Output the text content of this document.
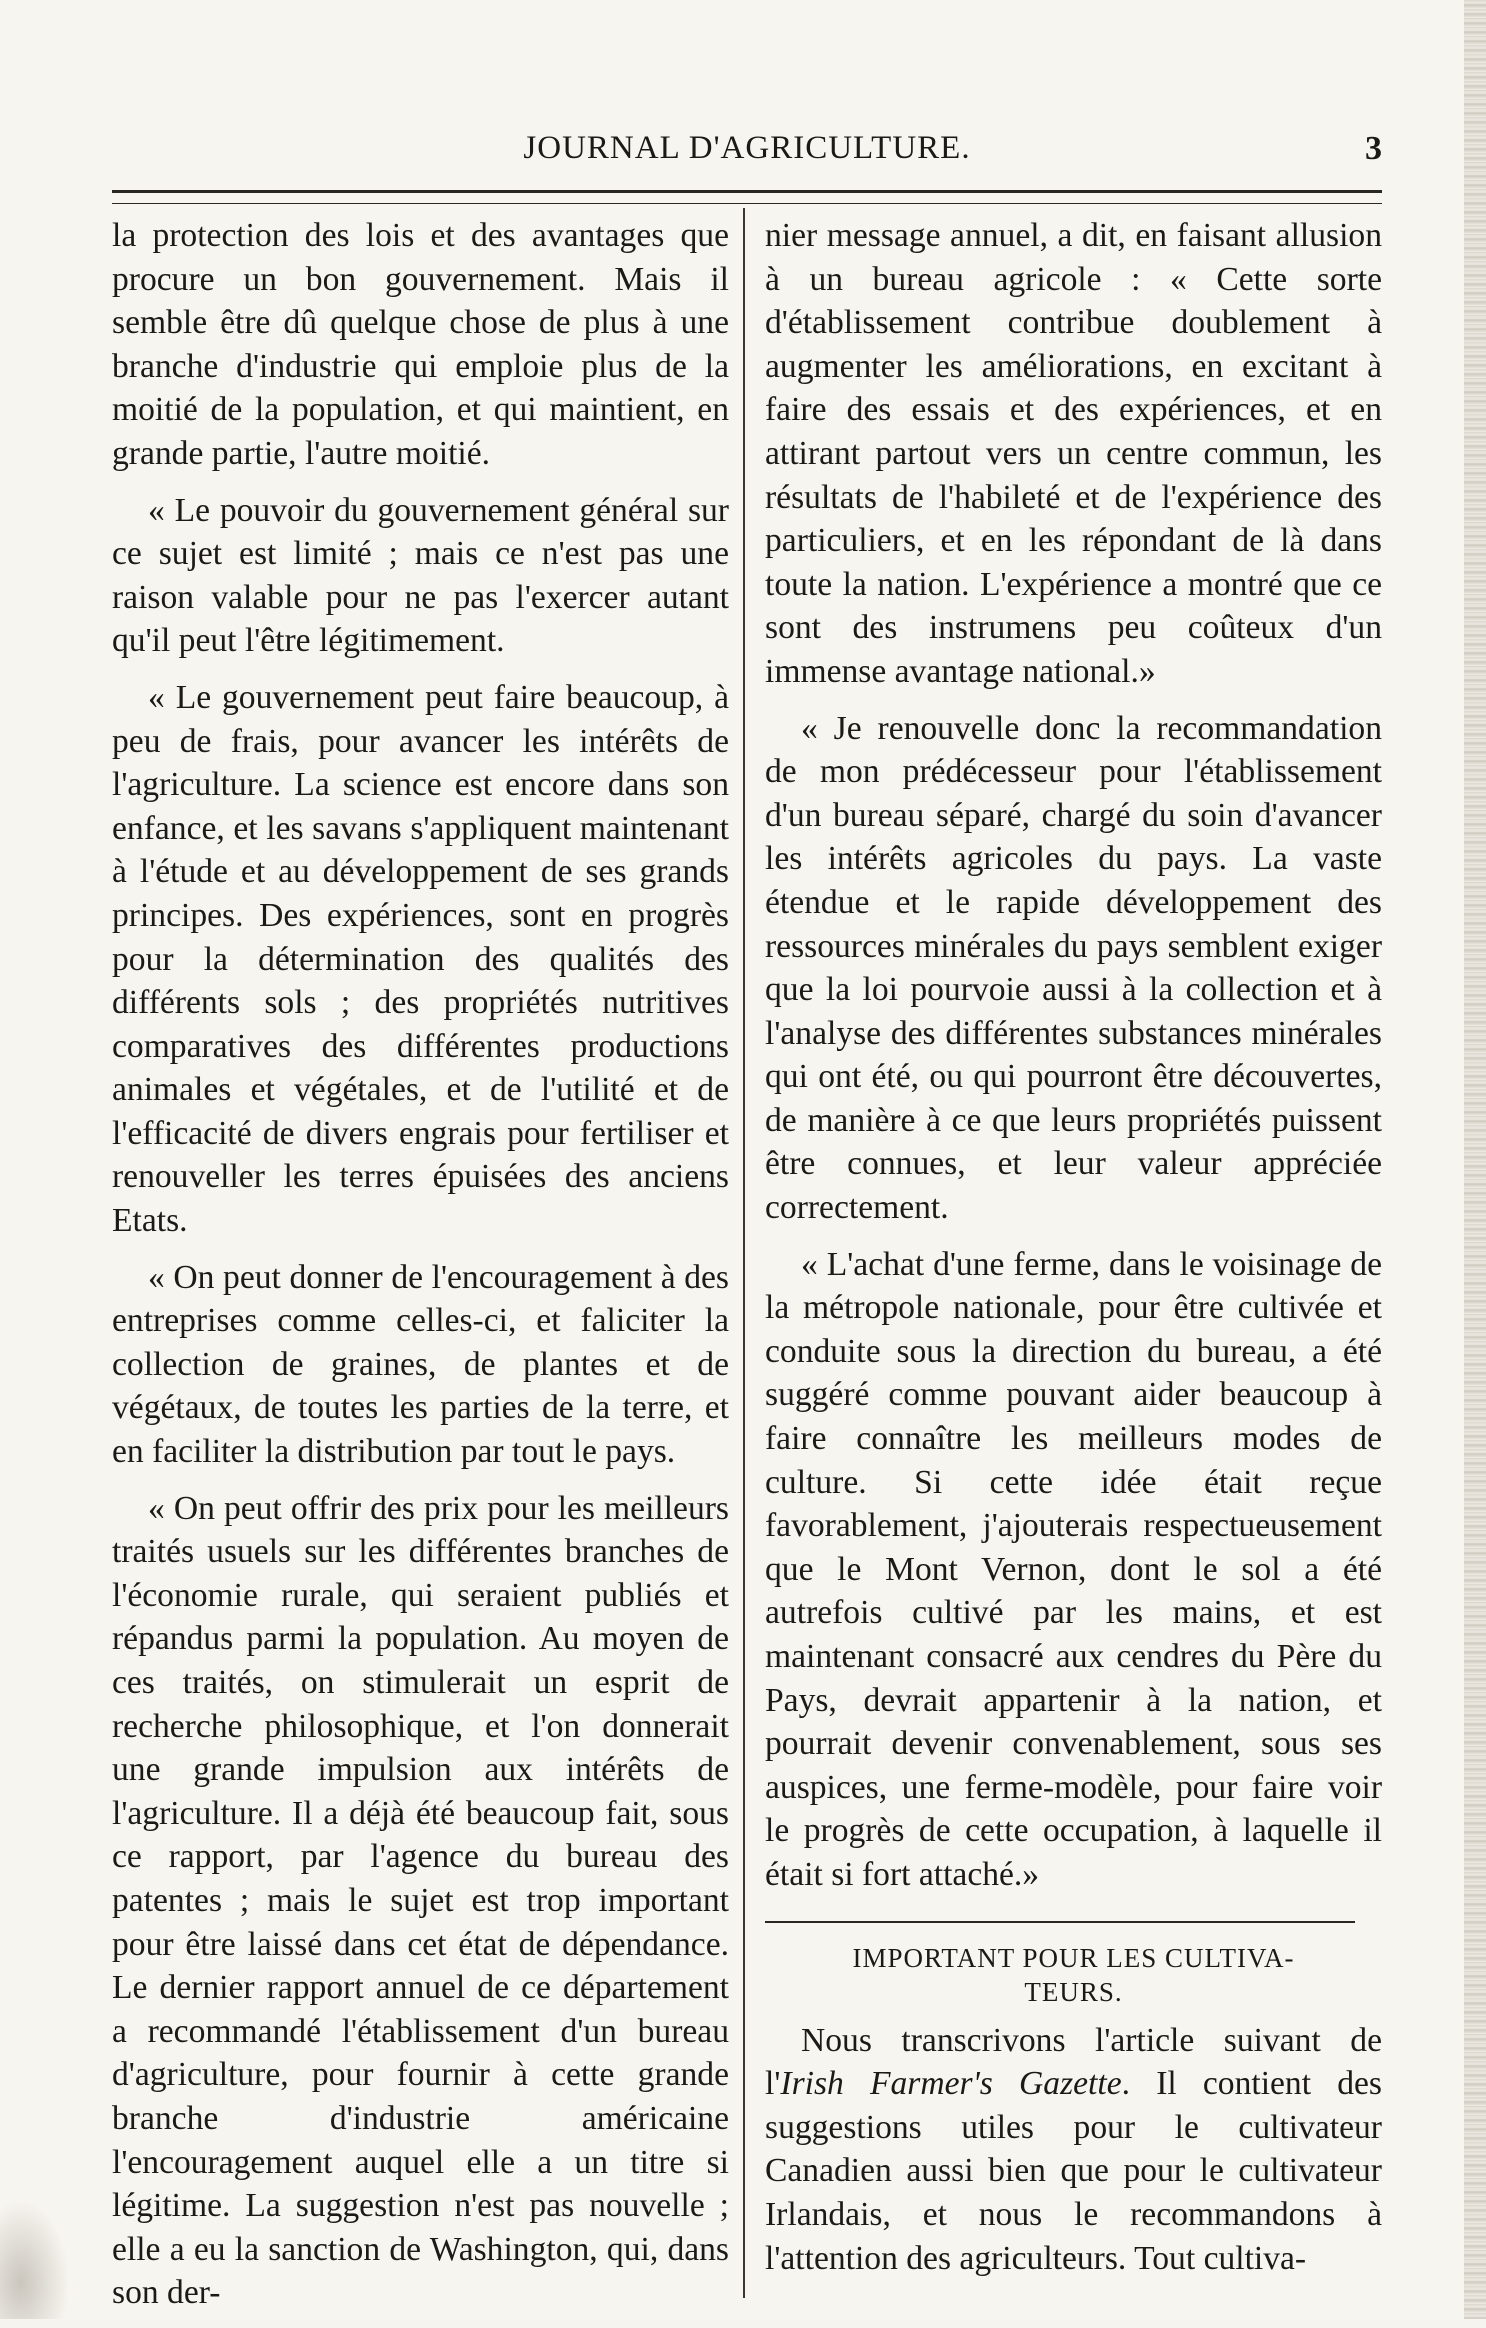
JOURNAL D'AGRICULTURE.	3

la protection des lois et des avantages que procure un bon gouvernement. Mais il semble être dû quelque chose de plus à une branche d'industrie qui emploie plus de la moitié de la population, et qui maintient, en grande partie, l'autre moitié.

« Le pouvoir du gouvernement général sur ce sujet est limité ; mais ce n'est pas une raison valable pour ne pas l'exercer autant qu'il peut l'être légitimement.

« Le gouvernement peut faire beaucoup, à peu de frais, pour avancer les intérêts de l'agriculture. La science est encore dans son enfance, et les savans s'appliquent maintenant à l'étude et au développement de ses grands principes. Des expériences, sont en progrès pour la détermination des qualités des différents sols ; des propriétés nutritives comparatives des différentes productions animales et végétales, et de l'utilité et de l'efficacité de divers engrais pour fertiliser et renouveller les terres épuisées des anciens Etats.

« On peut donner de l'encouragement à des entreprises comme celles-ci, et faliciter la collection de graines, de plantes et de végétaux, de toutes les parties de la terre, et en faciliter la distribution par tout le pays.

« On peut offrir des prix pour les meilleurs traités usuels sur les différentes branches de l'économie rurale, qui seraient publiés et répandus parmi la population. Au moyen de ces traités, on stimulerait un esprit de recherche philosophique, et l'on donnerait une grande impulsion aux intérêts de l'agriculture. Il a déjà été beaucoup fait, sous ce rapport, par l'agence du bureau des patentes ; mais le sujet est trop important pour être laissé dans cet état de dépendance. Le dernier rapport annuel de ce département a recommandé l'établissement d'un bureau d'agriculture, pour fournir à cette grande branche d'industrie américaine l'encouragement auquel elle a un titre si légitime. La suggestion n'est pas nouvelle ; elle a eu la sanction de Washington, qui, dans son der-

nier message annuel, a dit, en faisant allusion à un bureau agricole : « Cette sorte d'établissement contribue doublement à augmenter les améliorations, en excitant à faire des essais et des expériences, et en attirant partout vers un centre commun, les résultats de l'habileté et de l'expérience des particuliers, et en les répondant de là dans toute la nation. L'expérience a montré que ce sont des instrumens peu coûteux d'un immense avantage national.»

« Je renouvelle donc la recommandation de mon prédécesseur pour l'établissement d'un bureau séparé, chargé du soin d'avancer les intérêts agricoles du pays. La vaste étendue et le rapide développement des ressources minérales du pays semblent exiger que la loi pourvoie aussi à la collection et à l'analyse des différentes substances minérales qui ont été, ou qui pourront être découvertes, de manière à ce que leurs propriétés puissent être connues, et leur valeur appréciée correctement.

« L'achat d'une ferme, dans le voisinage de la métropole nationale, pour être cultivée et conduite sous la direction du bureau, a été suggéré comme pouvant aider beaucoup à faire connaître les meilleurs modes de culture. Si cette idée était reçue favorablement, j'ajouterais respectueusement que le Mont Vernon, dont le sol a été autrefois cultivé par les mains, et est maintenant consacré aux cendres du Père du Pays, devrait appartenir à la nation, et pourrait devenir convenablement, sous ses auspices, une ferme-modèle, pour faire voir le progrès de cette occupation, à laquelle il était si fort attaché.»

IMPORTANT POUR LES CULTIVA-
TEURS.

Nous transcrivons l'article suivant de l'Irish Farmer's Gazette. Il contient des suggestions utiles pour le cultivateur Canadien aussi bien que pour le cultivateur Irlandais, et nous le recommandons à l'attention des agriculteurs. Tout cultiva-
